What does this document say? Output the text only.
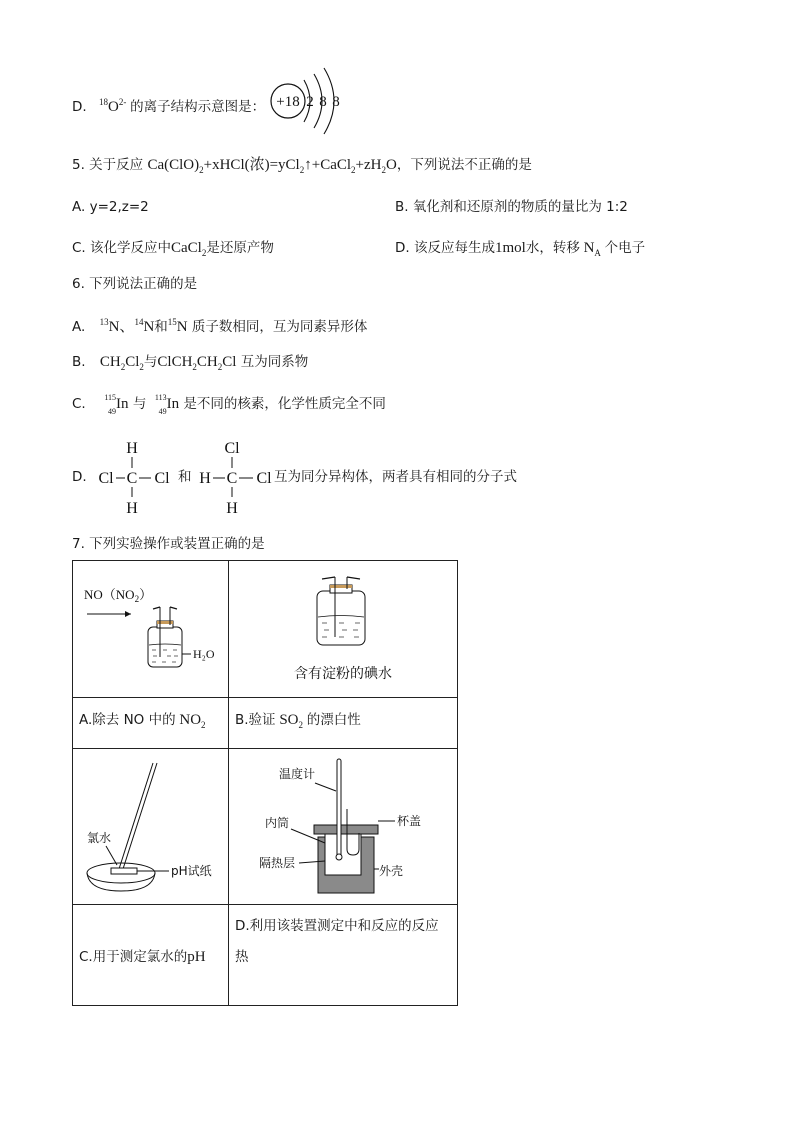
D. $^{18}O^{2-}$ 的离子结构示意图是： +18 2 8 8
5. 关于反应 $Ca(ClO)_2+xHCl$(浓)$=yCl_2↑+CaCl_2+zH_2O$，下列说法不正确的是
A. y=2,z=2	B. 氧化剂和还原剂的物质的量比为 1:2
C. 该化学反应中CaCl$_2$是还原产物	D. 该反应每生成1mol水，转移 $N_A$ 个电子
6. 下列说法正确的是
A. $^{13}$N、$^{14}$N和$^{15}$N 质子数相同，互为同素异形体
B. $CH_2Cl_2$与$ClCH_2CH_2Cl$ 互为同系物
C. 115
49 In 与 113
49 In 是不同的核素，化学性质完全不同
D.
H
H
Cl C Cl
Cl
H
H C Cl
和	互为同分异构体，两者具有相同的分子式
7. 下列实验操作或装置正确的是
$NO(NO_2)$
H₂O	含有淀粉的碘水

A.除去 NO 中的 $NO_2$	B.验证 $SO_2$ 的漂白性

氯水
pH试纸	温度计
内筒 杯盖
隔热层
外壳

C.用于测定氯水的pH	D.利用该装置测定中和反应的反应热
